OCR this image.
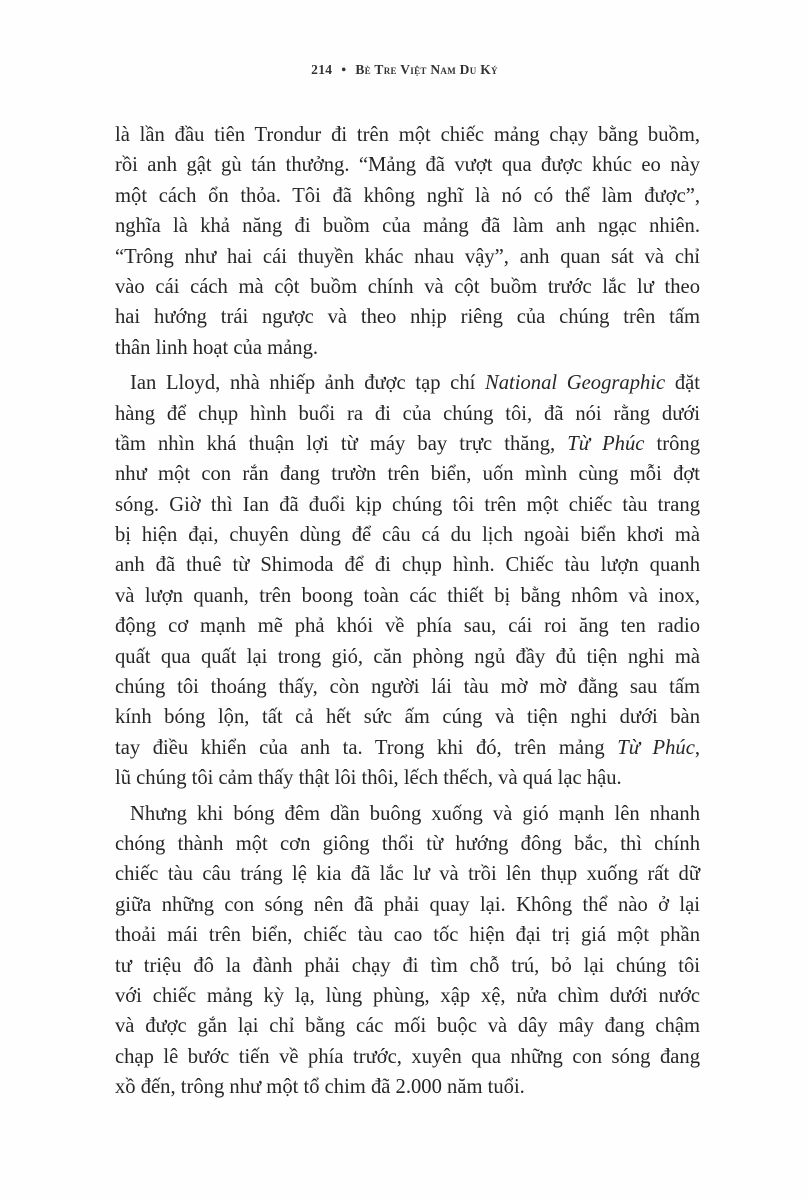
214 • Bè Tre Việt Nam Du Ký
là lần đầu tiên Trondur đi trên một chiếc mảng chạy bằng buồm,
rồi anh gật gù tán thưởng. “Mảng đã vượt qua được khúc eo này
một cách ổn thỏa. Tôi đã không nghĩ là nó có thể làm được”,
nghĩa là khả năng đi buồm của mảng đã làm anh ngạc nhiên.
“Trông như hai cái thuyền khác nhau vậy”, anh quan sát và chỉ
vào cái cách mà cột buồm chính và cột buồm trước lắc lư theo
hai hướng trái ngược và theo nhịp riêng của chúng trên tấm
thân linh hoạt của mảng.
Ian Lloyd, nhà nhiếp ảnh được tạp chí National Geographic đặt
hàng để chụp hình buổi ra đi của chúng tôi, đã nói rằng dưới
tầm nhìn khá thuận lợi từ máy bay trực thăng, Từ Phúc trông
như một con rắn đang trườn trên biển, uốn mình cùng mỗi đợt
sóng. Giờ thì Ian đã đuổi kịp chúng tôi trên một chiếc tàu trang
bị hiện đại, chuyên dùng để câu cá du lịch ngoài biển khơi mà
anh đã thuê từ Shimoda để đi chụp hình. Chiếc tàu lượn quanh
và lượn quanh, trên boong toàn các thiết bị bằng nhôm và inox,
động cơ mạnh mẽ phả khói về phía sau, cái roi ăng ten radio
quất qua quất lại trong gió, căn phòng ngủ đầy đủ tiện nghi mà
chúng tôi thoáng thấy, còn người lái tàu mờ mờ đằng sau tấm
kính bóng lộn, tất cả hết sức ấm cúng và tiện nghi dưới bàn
tay điều khiển của anh ta. Trong khi đó, trên mảng Từ Phúc,
lũ chúng tôi cảm thấy thật lôi thôi, lếch thếch, và quá lạc hậu.
Nhưng khi bóng đêm dần buông xuống và gió mạnh lên nhanh
chóng thành một cơn giông thổi từ hướng đông bắc, thì chính
chiếc tàu câu tráng lệ kia đã lắc lư và trồi lên thụp xuống rất dữ
giữa những con sóng nên đã phải quay lại. Không thể nào ở lại
thoải mái trên biển, chiếc tàu cao tốc hiện đại trị giá một phần
tư triệu đô la đành phải chạy đi tìm chỗ trú, bỏ lại chúng tôi
với chiếc mảng kỳ lạ, lùng phùng, xập xệ, nửa chìm dưới nước
và được gắn lại chỉ bằng các mối buộc và dây mây đang chậm
chạp lê bước tiến về phía trước, xuyên qua những con sóng đang
xồ đến, trông như một tổ chim đã 2.000 năm tuổi.
